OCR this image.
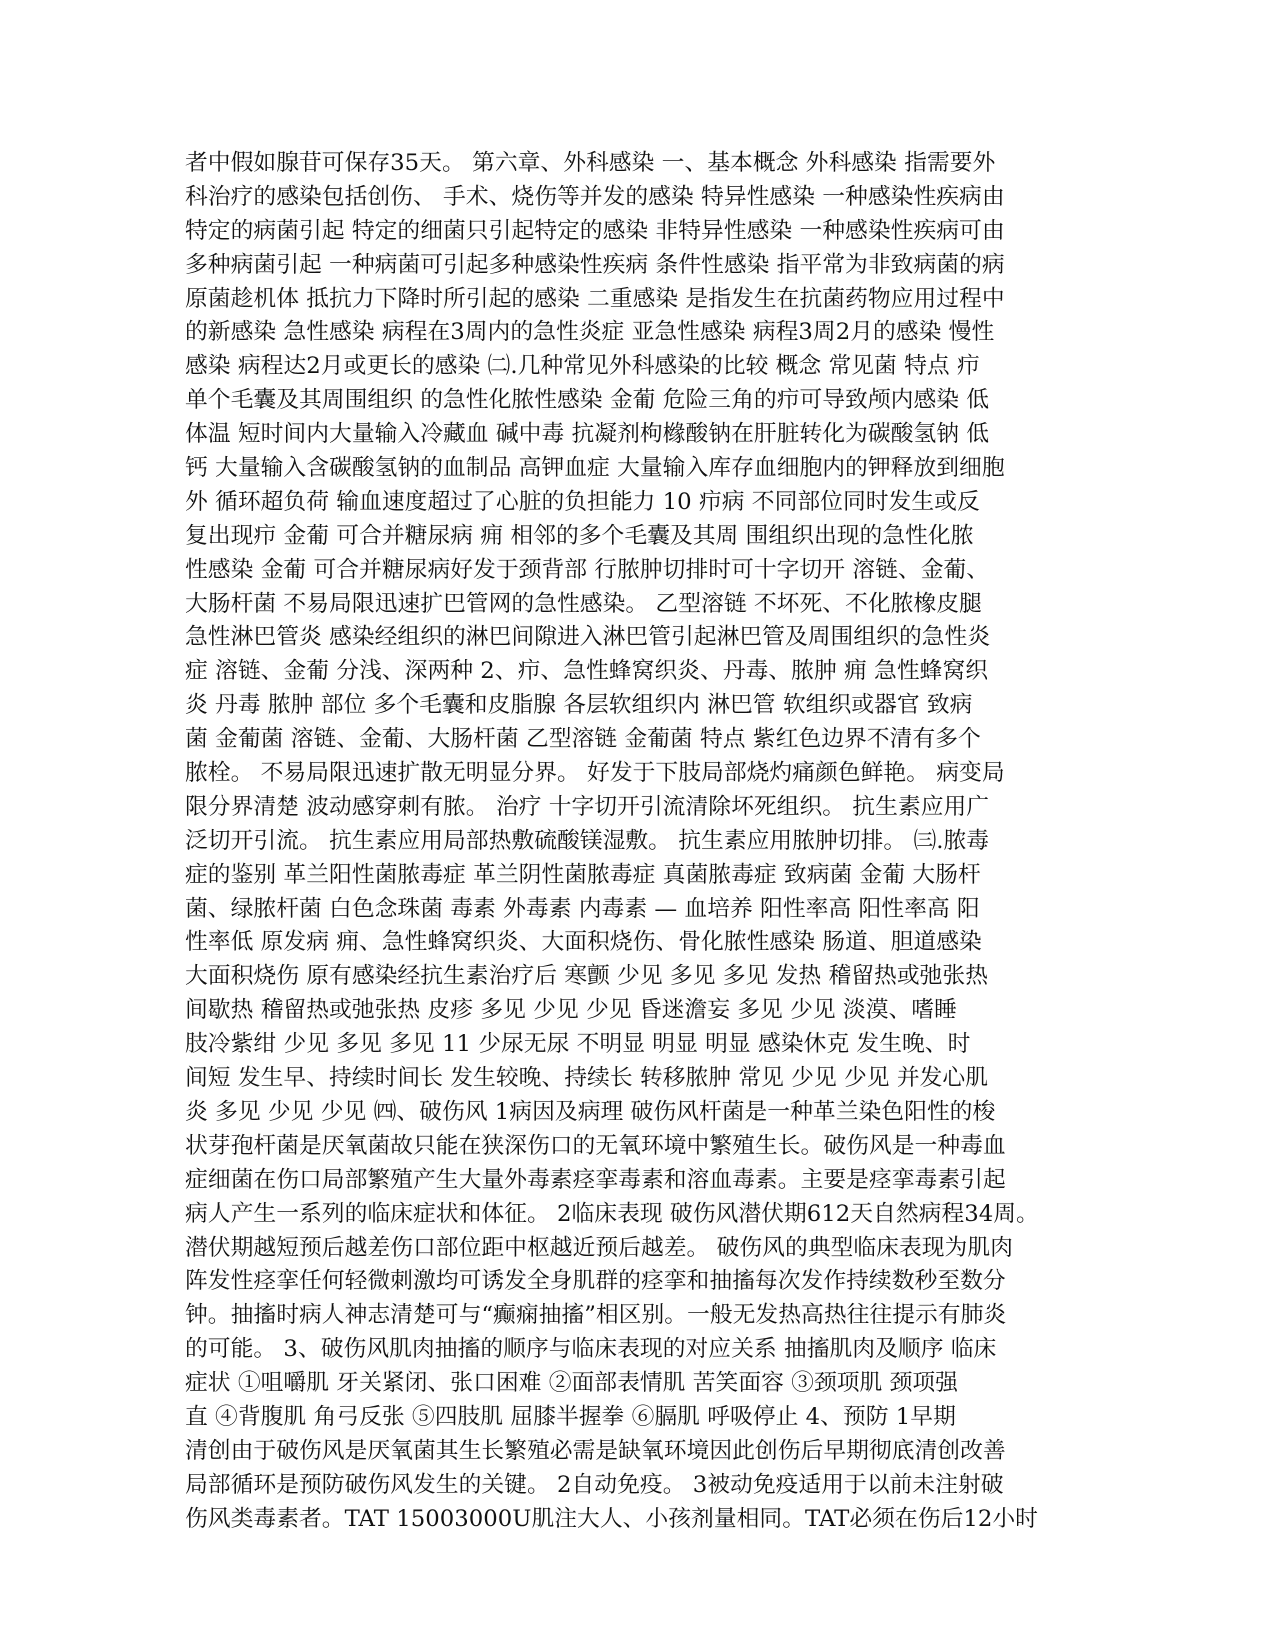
者中假如腺苷可保存35天。 第六章、外科感染 一、基本概念 外科感染 指需要外
科治疗的感染包括创伤、 手术、烧伤等并发的感染 特异性感染 一种感染性疾病由
特定的病菌引起 特定的细菌只引起特定的感染 非特异性感染 一种感染性疾病可由
多种病菌引起 一种病菌可引起多种感染性疾病 条件性感染 指平常为非致病菌的病
原菌趁机体 抵抗力下降时所引起的感染 二重感染 是指发生在抗菌药物应用过程中
的新感染 急性感染 病程在3周内的急性炎症 亚急性感染 病程3周2月的感染 慢性
感染 病程达2月或更长的感染 ㈡.几种常见外科感染的比较 概念 常见菌 特点 疖
单个毛囊及其周围组织 的急性化脓性感染 金葡 危险三角的疖可导致颅内感染 低
体温 短时间内大量输入冷藏血 碱中毒 抗凝剂枸橼酸钠在肝脏转化为碳酸氢钠 低
钙 大量输入含碳酸氢钠的血制品 高钾血症 大量输入库存血细胞内的钾释放到细胞
外 循环超负荷 输血速度超过了心脏的负担能力 10 疖病 不同部位同时发生或反
复出现疖 金葡 可合并糖尿病 痈 相邻的多个毛囊及其周 围组织出现的急性化脓
性感染 金葡 可合并糖尿病好发于颈背部 行脓肿切排时可十字切开 溶链、金葡、
大肠杆菌 不易局限迅速扩巴管网的急性感染。 乙型溶链 不坏死、不化脓橡皮腿
急性淋巴管炎 感染经组织的淋巴间隙进入淋巴管引起淋巴管及周围组织的急性炎
症 溶链、金葡 分浅、深两种 2、疖、急性蜂窝织炎、丹毒、脓肿 痈 急性蜂窝织
炎 丹毒 脓肿 部位 多个毛囊和皮脂腺 各层软组织内 淋巴管 软组织或器官 致病
菌 金葡菌 溶链、金葡、大肠杆菌 乙型溶链 金葡菌 特点 紫红色边界不清有多个
脓栓。 不易局限迅速扩散无明显分界。 好发于下肢局部烧灼痛颜色鲜艳。 病变局
限分界清楚 波动感穿刺有脓。 治疗 十字切开引流清除坏死组织。 抗生素应用广
泛切开引流。 抗生素应用局部热敷硫酸镁湿敷。 抗生素应用脓肿切排。 ㈢.脓毒
症的鉴别 革兰阳性菌脓毒症 革兰阴性菌脓毒症 真菌脓毒症 致病菌 金葡 大肠杆
菌、绿脓杆菌 白色念珠菌 毒素 外毒素 内毒素 — 血培养 阳性率高 阳性率高 阳
性率低 原发病 痈、急性蜂窝织炎、大面积烧伤、骨化脓性感染 肠道、胆道感染
大面积烧伤 原有感染经抗生素治疗后 寒颤 少见 多见 多见 发热 稽留热或弛张热
间歇热 稽留热或弛张热 皮疹 多见 少见 少见 昏迷澹妄 多见 少见 淡漠、嗜睡
肢冷紫绀 少见 多见 多见 11 少尿无尿 不明显 明显 明显 感染休克 发生晚、时
间短 发生早、持续时间长 发生较晚、持续长 转移脓肿 常见 少见 少见 并发心肌
炎 多见 少见 少见 ㈣、破伤风 1病因及病理 破伤风杆菌是一种革兰染色阳性的梭
状芽孢杆菌是厌氧菌故只能在狭深伤口的无氧环境中繁殖生长。破伤风是一种毒血
症细菌在伤口局部繁殖产生大量外毒素痉挛毒素和溶血毒素。主要是痉挛毒素引起
病人产生一系列的临床症状和体征。 2临床表现 破伤风潜伏期612天自然病程34周。
潜伏期越短预后越差伤口部位距中枢越近预后越差。 破伤风的典型临床表现为肌肉
阵发性痉挛任何轻微刺激均可诱发全身肌群的痉挛和抽搐每次发作持续数秒至数分
钟。抽搐时病人神志清楚可与“癫痫抽搐”相区别。一般无发热高热往往提示有肺炎
的可能。 3、破伤风肌肉抽搐的顺序与临床表现的对应关系 抽搐肌肉及顺序 临床
症状 ①咀嚼肌 牙关紧闭、张口困难 ②面部表情肌 苦笑面容 ③颈项肌 颈项强
直 ④背腹肌 角弓反张 ⑤四肢肌 屈膝半握拳 ⑥膈肌 呼吸停止 4、预防 1早期
清创由于破伤风是厌氧菌其生长繁殖必需是缺氧环境因此创伤后早期彻底清创改善
局部循环是预防破伤风发生的关键。 2自动免疫。 3被动免疫适用于以前未注射破
伤风类毒素者。TAT 15003000U肌注大人、小孩剂量相同。TAT必须在伤后12小时
